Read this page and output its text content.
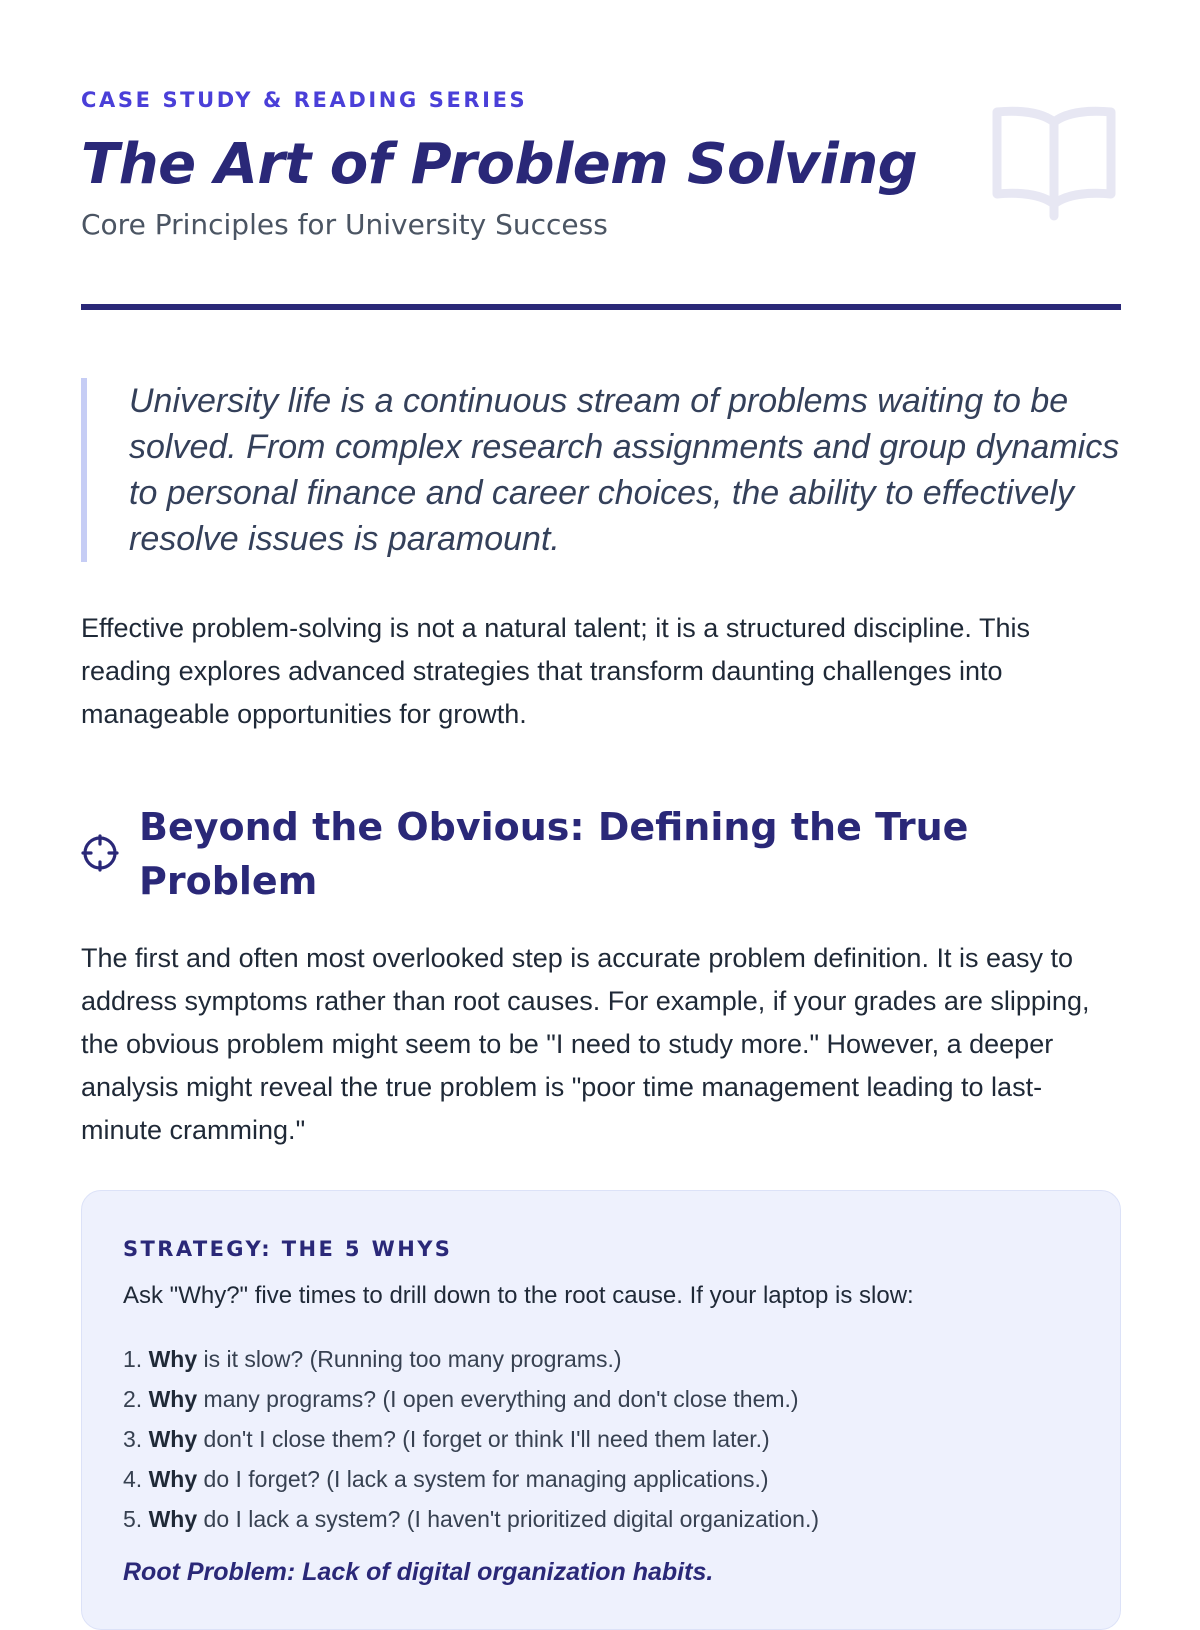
CASE STUDY & READING SERIES
The Art of Problem Solving
Core Principles for University Success
University life is a continuous stream of problems waiting to be solved. From complex research assignments and group dynamics to personal finance and career choices, the ability to effectively resolve issues is paramount.

Effective problem-solving is not a natural talent; it is a structured discipline. This reading explores advanced strategies that transform daunting challenges into manageable opportunities for growth.

Beyond the Obvious: Defining the True Problem

The first and often most overlooked step is accurate problem definition. It is easy to address symptoms rather than root causes. For example, if your grades are slipping, the obvious problem might seem to be "I need to study more." However, a deeper analysis might reveal the true problem is "poor time management leading to last-minute cramming."

STRATEGY: THE 5 WHYS
Ask "Why?" five times to drill down to the root cause. If your laptop is slow:
1. Why is it slow? (Running too many programs.)
2. Why many programs? (I open everything and don't close them.)
3. Why don't I close them? (I forget or think I'll need them later.)
4. Why do I forget? (I lack a system for managing applications.)
5. Why do I lack a system? (I haven't prioritized digital organization.)
Root Problem: Lack of digital organization habits.
